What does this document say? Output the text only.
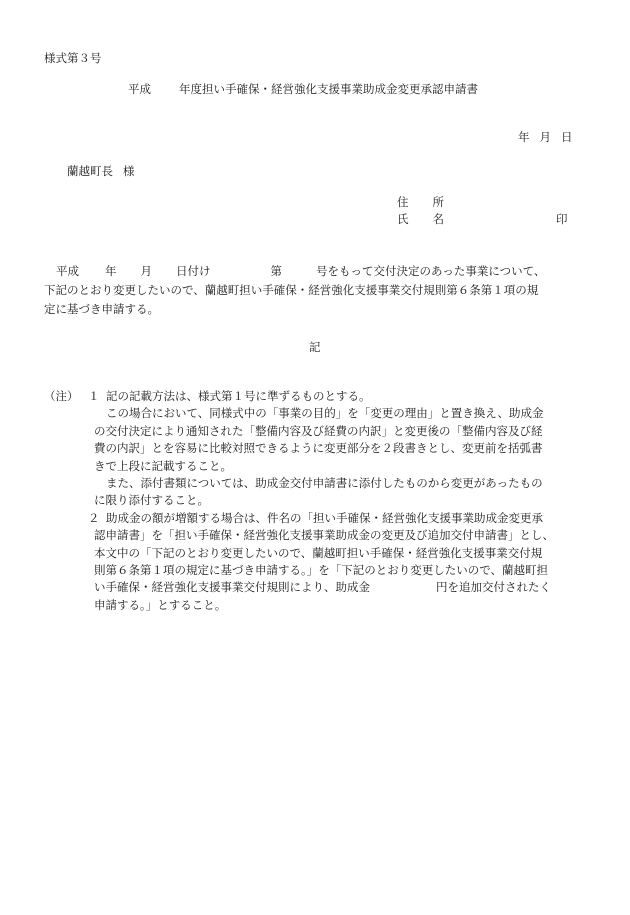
様式第３号
平成 年度担い手確保・経営強化支援事業助成金変更承認申請書
年 月 日
蘭越町長 様
住 所
氏 名	印
平成 年 月 日付け	第	号をもって交付決定のあった事業について、
下記のとおり変更したいので、蘭越町担い手確保・経営強化支援事業交付規則第６条第１項の規
定に基づき申請する。
記
（注） １ 記の記載方法は、様式第１号に準ずるものとする。
この場合において、同様式中の「事業の目的」を「変更の理由」と置き換え、助成金
の交付決定により通知された「整備内容及び経費の内訳」と変更後の「整備内容及び経
費の内訳」とを容易に比較対照できるように変更部分を２段書きとし、変更前を括弧書
きで上段に記載すること。
また、添付書類については、助成金交付申請書に添付したものから変更があったもの
に限り添付すること。
２ 助成金の額が増額する場合は、件名の「担い手確保・経営強化支援事業助成金変更承
認申請書」を「担い手確保・経営強化支援事業助成金の変更及び追加交付申請書」とし、
本文中の「下記のとおり変更したいので、蘭越町担い手確保・経営強化支援事業交付規
則第６条第１項の規定に基づき申請する。」を「下記のとおり変更したいので、蘭越町担
い手確保・経営強化支援事業交付規則により、助成金	円を追加交付されたく
申請する。」とすること。
